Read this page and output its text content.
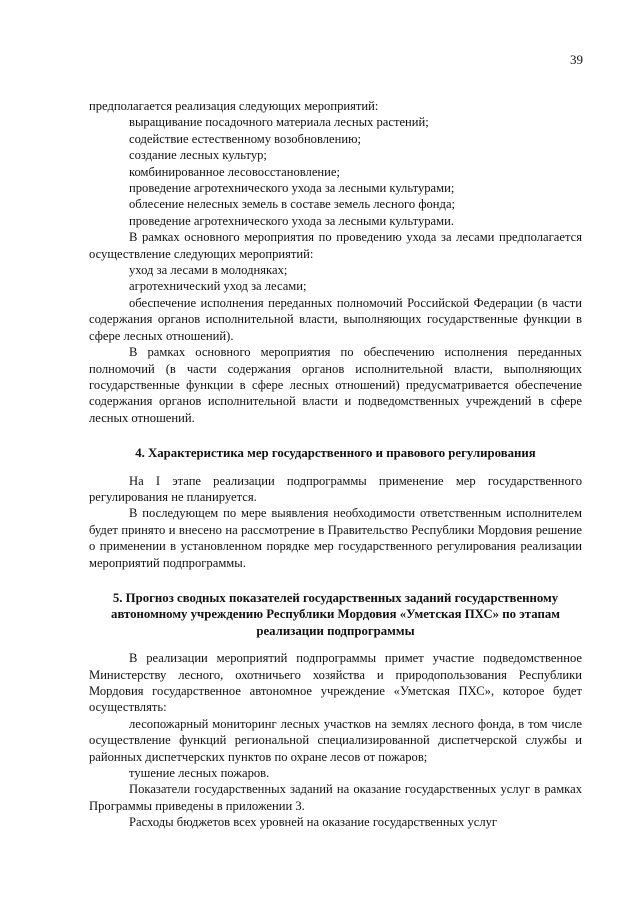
39

предполагается реализация следующих мероприятий:

выращивание посадочного материала лесных растений;

содействие естественному возобновлению;

создание лесных культур;

комбинированное лесовосстановление;

проведение агротехнического ухода за лесными культурами;

облесение нелесных земель в составе земель лесного фонда;

проведение агротехнического ухода за лесными культурами.

В рамках основного мероприятия по проведению ухода за лесами предполагается осуществление следующих мероприятий:

уход за лесами в молодняках;

агротехнический уход за лесами;

обеспечение исполнения переданных полномочий Российской Федерации (в части содержания органов исполнительной власти, выполняющих государственные функции в сфере лесных отношений).

В рамках основного мероприятия по обеспечению исполнения переданных полномочий (в части содержания органов исполнительной власти, выполняющих государственные функции в сфере лесных отношений) предусматривается обеспечение содержания органов исполнительной власти и подведомственных учреждений в сфере лесных отношений.

4. Характеристика мер государственного и правового регулирования

На I этапе реализации подпрограммы применение мер государственного регулирования не планируется.

В последующем по мере выявления необходимости ответственным исполнителем будет принято и внесено на рассмотрение в Правительство Республики Мордовия решение о применении в установленном порядке мер государственного регулирования реализации мероприятий подпрограммы.

5. Прогноз сводных показателей государственных заданий государственному автономному учреждению Республики Мордовия «Уметская ПХС» по этапам реализации подпрограммы

В реализации мероприятий подпрограммы примет участие подведомственное Министерству лесного, охотничьего хозяйства и природопользования Республики Мордовия государственное автономное учреждение «Уметская ПХС», которое будет осуществлять:

лесопожарный мониторинг лесных участков на землях лесного фонда, в том числе осуществление функций региональной специализированной диспетчерской службы и районных диспетчерских пунктов по охране лесов от пожаров;

тушение лесных пожаров.

Показатели государственных заданий на оказание государственных услуг в рамках Программы приведены в приложении 3.

Расходы бюджетов всех уровней на оказание государственных услуг
